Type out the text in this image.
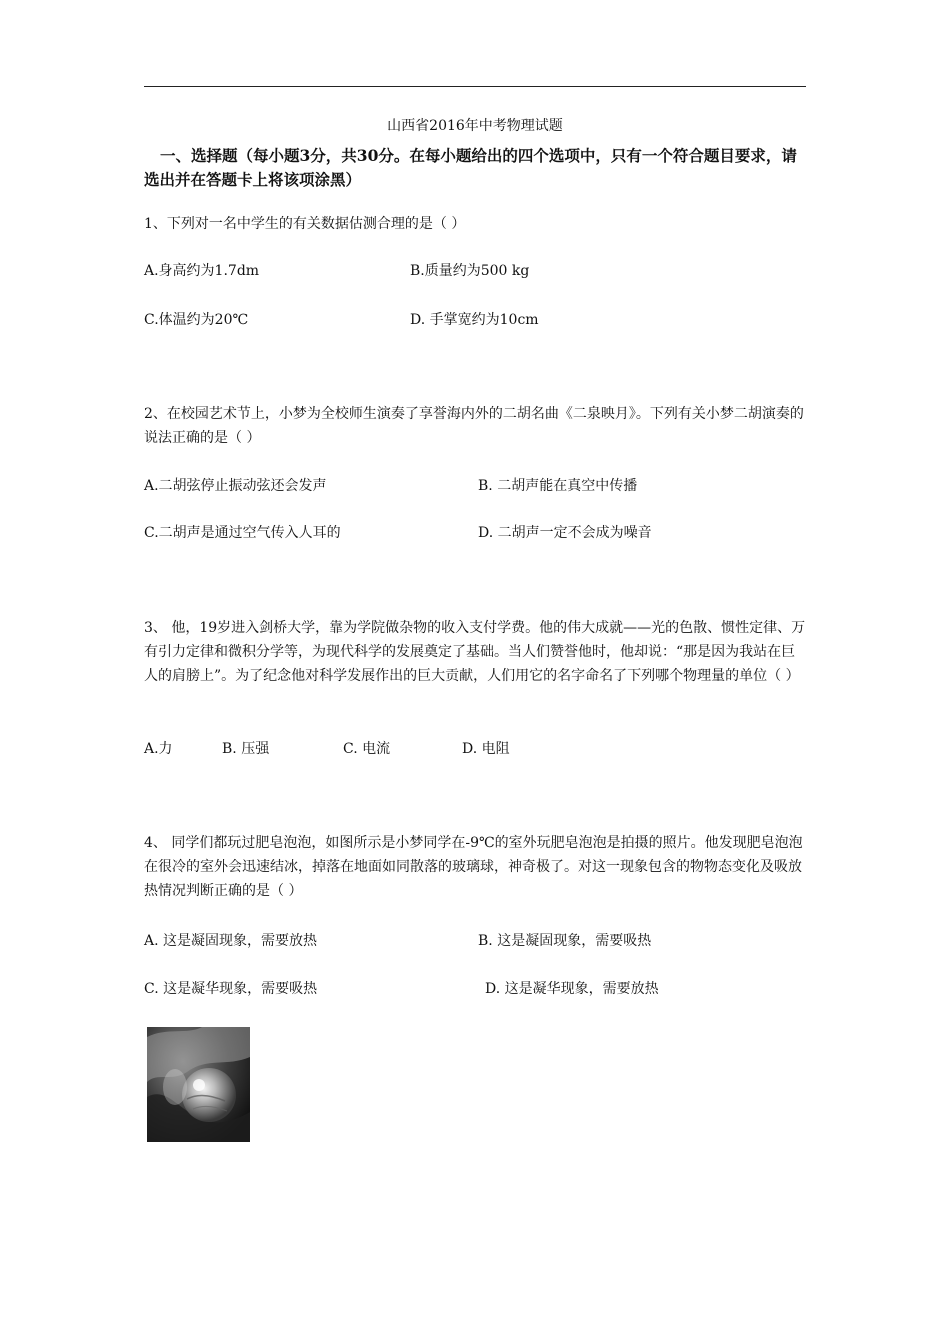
山西省2016年中考物理试题
一、选择题（每小题3分，共30分。在每小题给出的四个选项中，只有一个符合题目要求，请选出并在答题卡上将该项涂黑）
1、下列对一名中学生的有关数据估测合理的是（ ）
A.身高约为1.7dm	B.质量约为500 kg
C.体温约为20℃	D. 手掌宽约为10cm
2、在校园艺术节上，小梦为全校师生演奏了享誉海内外的二胡名曲《二泉映月》。下列有关小梦二胡演奏的说法正确的是（ ）
A.二胡弦停止振动弦还会发声	B. 二胡声能在真空中传播
C.二胡声是通过空气传入人耳的	D. 二胡声一定不会成为噪音
3、 他，19岁进入剑桥大学，靠为学院做杂物的收入支付学费。他的伟大成就——光的色散、惯性定律、万有引力定律和微积分学等，为现代科学的发展奠定了基础。当人们赞誉他时，他却说：“那是因为我站在巨人的肩膀上”。为了纪念他对科学发展作出的巨大贡献，人们用它的名字命名了下列哪个物理量的单位（ ）
A.力	B. 压强	C. 电流	D. 电阻
4、 同学们都玩过肥皂泡泡，如图所示是小梦同学在-9℃的室外玩肥皂泡泡是拍摄的照片。他发现肥皂泡泡在很冷的室外会迅速结冰，掉落在地面如同散落的玻璃球，神奇极了。对这一现象包含的物物态变化及吸放热情况判断正确的是（ ）
A. 这是凝固现象，需要放热	B. 这是凝固现象，需要吸热
C. 这是凝华现象，需要吸热	D. 这是凝华现象，需要放热
